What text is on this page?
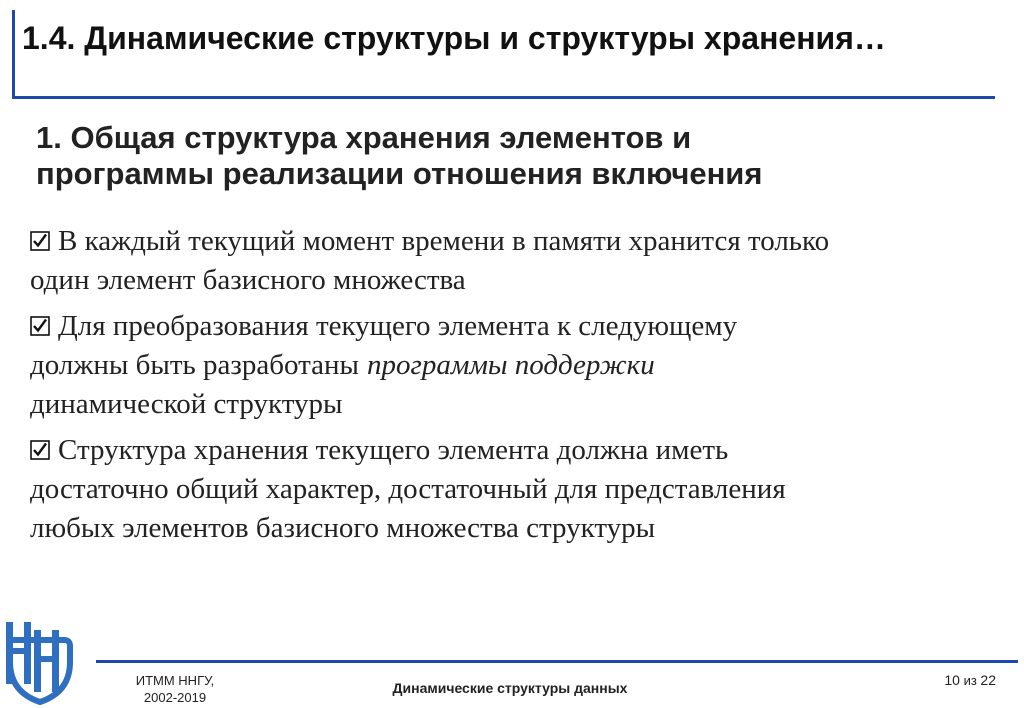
1.4. Динамические структуры и структуры хранения…
1. Общая структура хранения элементов и
программы реализации отношения включения
В каждый текущий момент времени в памяти хранится только
один элемент базисного множества
Для преобразования текущего элемента к следующему
должны быть разработаны программы поддержки
динамической структуры
Структура хранения текущего элемента должна иметь
достаточно общий характер, достаточный для представления
любых элементов базисного множества структуры
ИТММ ННГУ,
2002-2019
Динамические структуры данных	10 из 22
